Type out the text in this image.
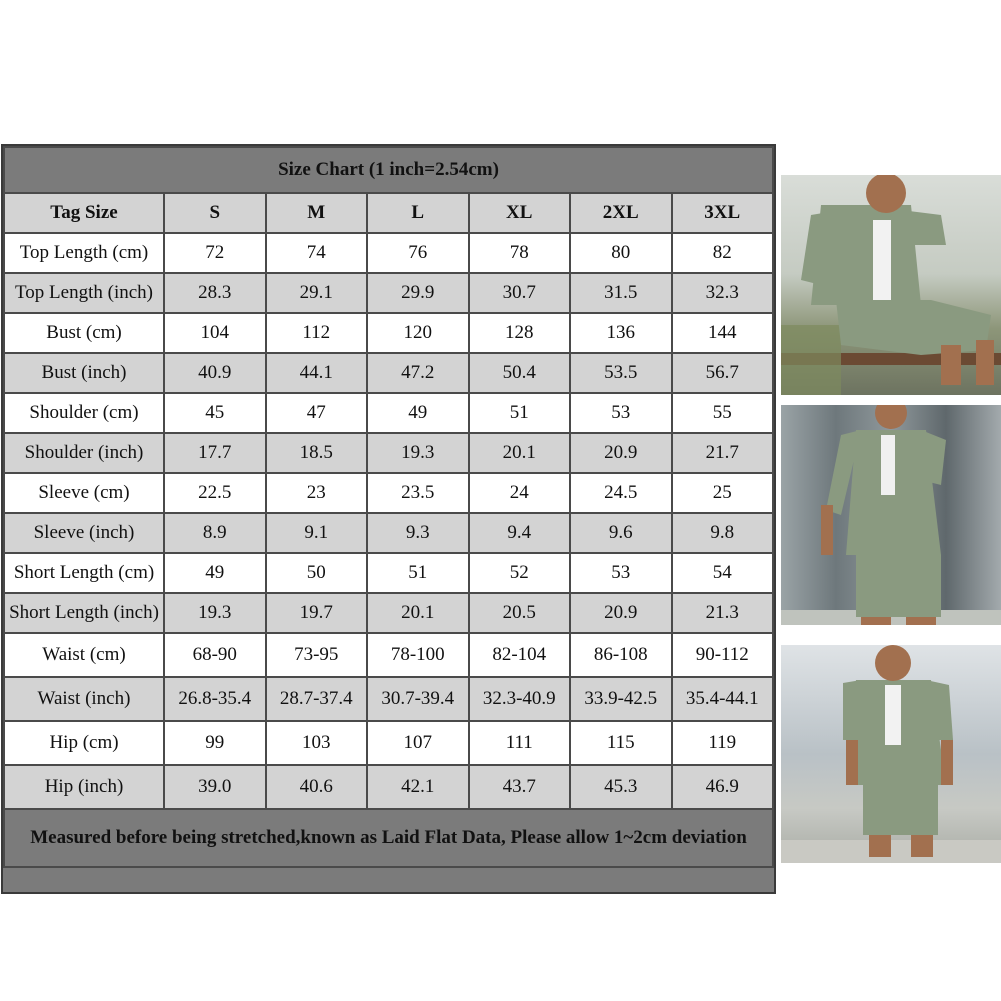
Size Chart (1 inch=2.54cm)						
Tag Size	S	M	L	XL	2XL	3XL
Top Length (cm)	72	74	76	78	80	82
Top Length (inch)	28.3	29.1	29.9	30.7	31.5	32.3
Bust (cm)	104	112	120	128	136	144
Bust (inch)	40.9	44.1	47.2	50.4	53.5	56.7
Shoulder (cm)	45	47	49	51	53	55
Shoulder (inch)	17.7	18.5	19.3	20.1	20.9	21.7
Sleeve (cm)	22.5	23	23.5	24	24.5	25
Sleeve (inch)	8.9	9.1	9.3	9.4	9.6	9.8
Short Length (cm)	49	50	51	52	53	54
Short Length (inch)	19.3	19.7	20.1	20.5	20.9	21.3
Waist (cm)	68-90	73-95	78-100	82-104	86-108	90-112
Waist (inch)	26.8-35.4	28.7-37.4	30.7-39.4	32.3-40.9	33.9-42.5	35.4-44.1
Hip (cm)	99	103	107	111	115	119
Hip (inch)	39.0	40.6	42.1	43.7	45.3	46.9
Measured before being stretched,known as Laid Flat Data, Please allow 1~2cm deviation						
